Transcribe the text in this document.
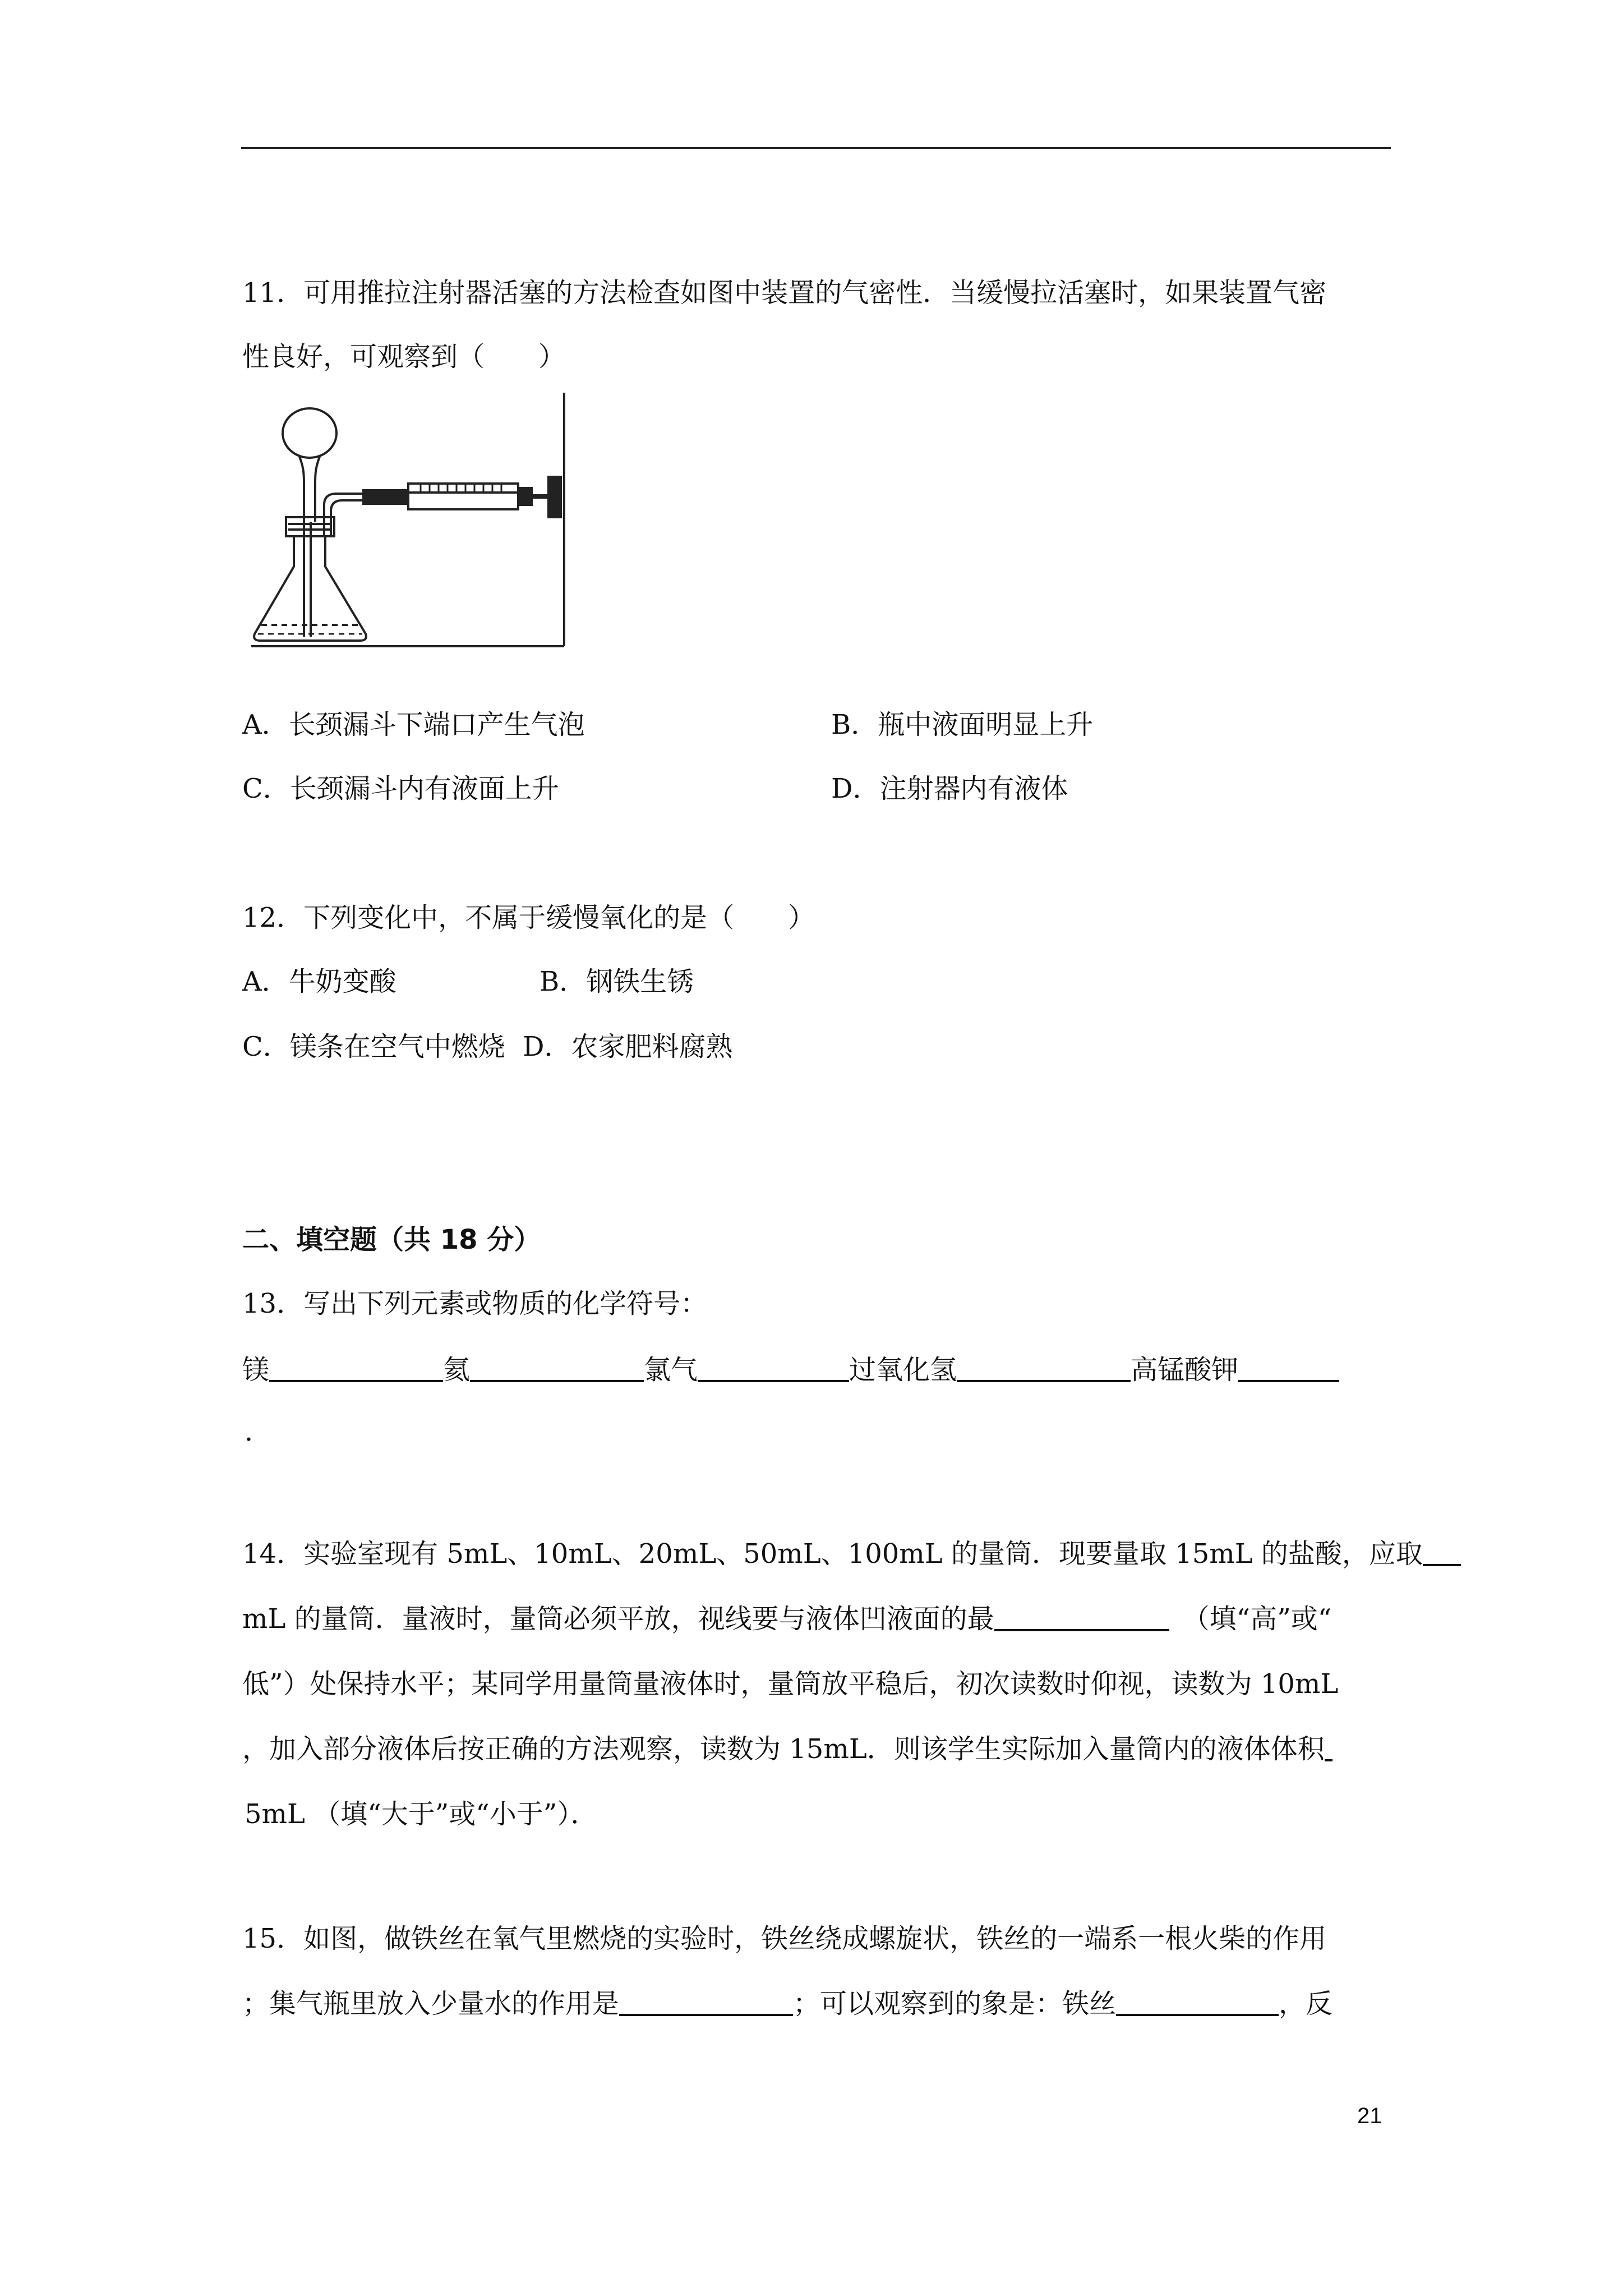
11．可用推拉注射器活塞的方法检查如图中装置的气密性．当缓慢拉活塞时，如果装置气密
性良好，可观察到（　　）
A．长颈漏斗下端口产生气泡	B．瓶中液面明显上升
C．长颈漏斗内有液面上升	D．注射器内有液体
12．下列变化中，不属于缓慢氧化的是（　　）
A．牛奶变酸	B．钢铁生锈
C．镁条在空气中燃烧 D．农家肥料腐熟
二、填空题（共 18 分）
13．写出下列元素或物质的化学符号：
镁	氦	氯气	过氧化氢	高锰酸钾
．
14．实验室现有 5mL、10mL、20mL、50mL、100mL 的量筒．现要量取 15mL 的盐酸，应取
mL 的量筒．量液时，量筒必须平放，视线要与液体凹液面的最	（填“高”或“
低”）处保持水平；某同学用量筒量液体时，量筒放平稳后，初次读数时仰视，读数为 10mL
，加入部分液体后按正确的方法观察，读数为 15mL．则该学生实际加入量筒内的液体体积
5mL （填“大于”或“小于”）．
15．如图，做铁丝在氧气里燃烧的实验时，铁丝绕成螺旋状，铁丝的一端系一根火柴的作用
；集气瓶里放入少量水的作用是	；可以观察到的象是：铁丝	，反
21
